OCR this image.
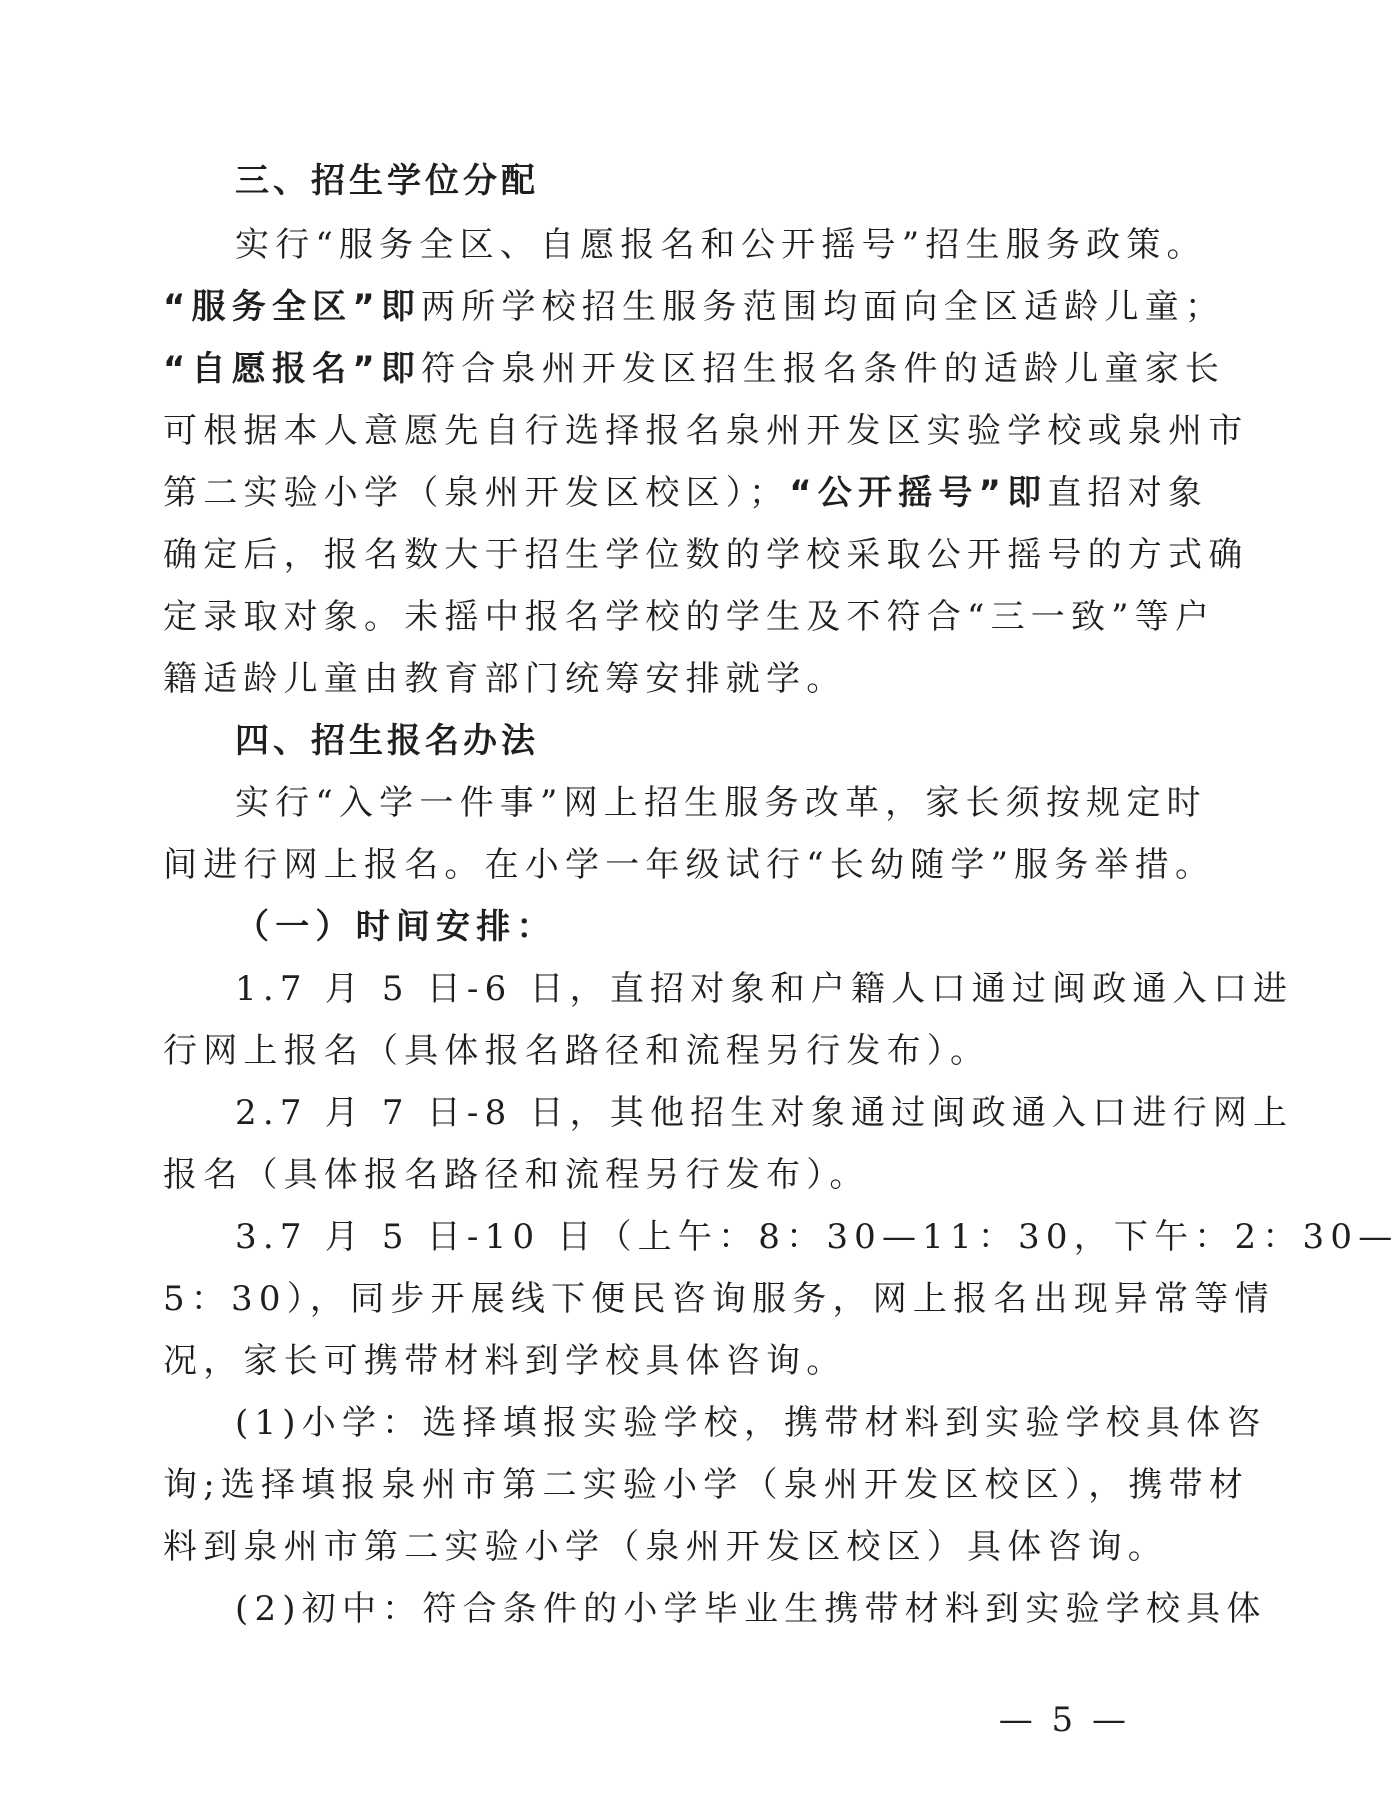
三、招生学位分配
实行“服务全区、自愿报名和公开摇号”招生服务政策。
“服务全区”即两所学校招生服务范围均面向全区适龄儿童；
“自愿报名”即符合泉州开发区招生报名条件的适龄儿童家长
可根据本人意愿先自行选择报名泉州开发区实验学校或泉州市
第二实验小学（泉州开发区校区）；“公开摇号”即直招对象
确定后，报名数大于招生学位数的学校采取公开摇号的方式确
定录取对象。未摇中报名学校的学生及不符合“三一致”等户
籍适龄儿童由教育部门统筹安排就学。
四、招生报名办法
实行“入学一件事”网上招生服务改革，家长须按规定时
间进行网上报名。在小学一年级试行“长幼随学”服务举措。
（一）时间安排：
1.7 月 5 日-6 日，直招对象和户籍人口通过闽政通入口进
行网上报名（具体报名路径和流程另行发布）。
2.7 月 7 日-8 日，其他招生对象通过闽政通入口进行网上
报名（具体报名路径和流程另行发布）。
3.7 月 5 日-10 日（上午：8：30—11：30，下午：2：30—
5：30），同步开展线下便民咨询服务，网上报名出现异常等情
况，家长可携带材料到学校具体咨询。
(1)小学：选择填报实验学校，携带材料到实验学校具体咨
询;选择填报泉州市第二实验小学（泉州开发区校区），携带材
料到泉州市第二实验小学（泉州开发区校区）具体咨询。
(2)初中：符合条件的小学毕业生携带材料到实验学校具体
— 5 —
